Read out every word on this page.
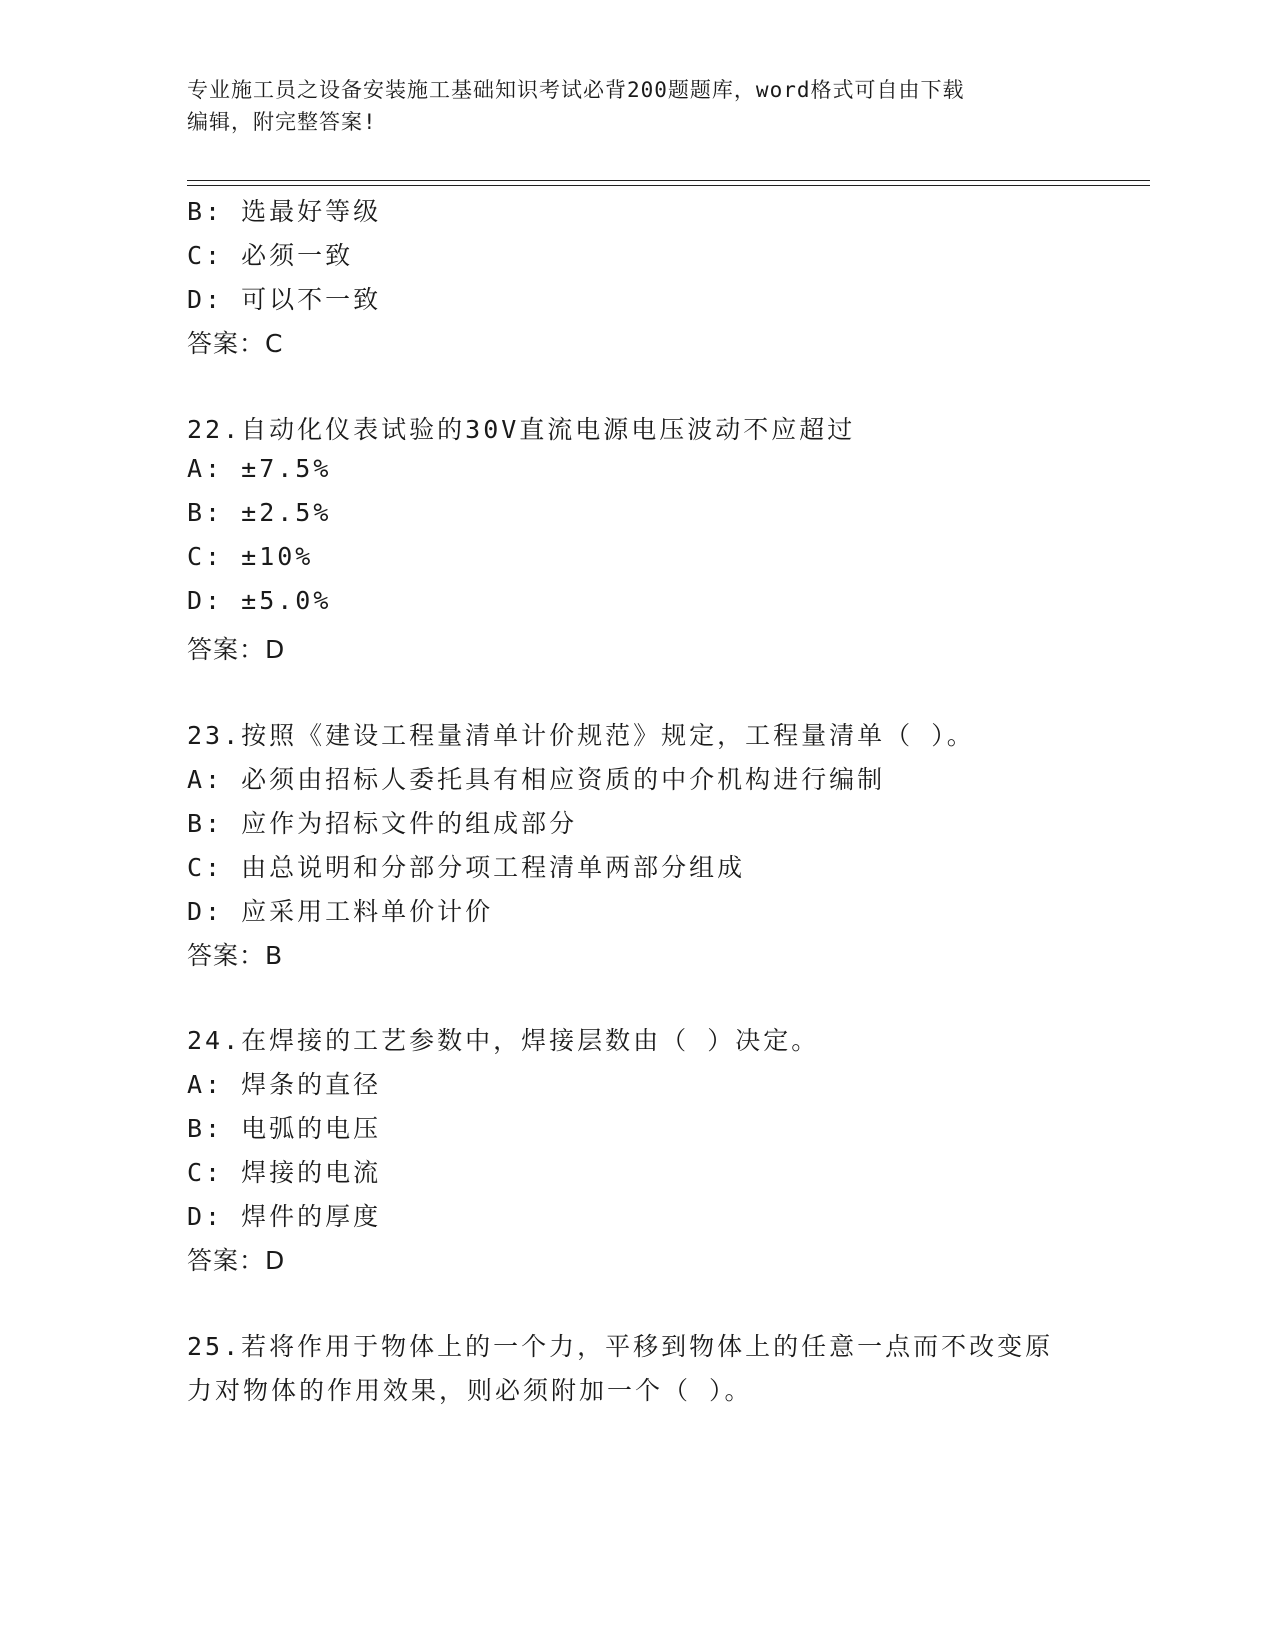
专业施工员之设备安装施工基础知识考试必背200题题库，word格式可自由下载
编辑，附完整答案!
B: 选最好等级
C: 必须一致
D: 可以不一致
答案：C
22.自动化仪表试验的30V直流电源电压波动不应超过
A: ±7.5%
B: ±2.5%
C: ±10%
D: ±5.0%
答案：D
23.按照《建设工程量清单计价规范》规定，工程量清单（ ）。
A: 必须由招标人委托具有相应资质的中介机构进行编制
B: 应作为招标文件的组成部分
C: 由总说明和分部分项工程清单两部分组成
D: 应采用工料单价计价
答案：B
24.在焊接的工艺参数中，焊接层数由（ ）决定。
A: 焊条的直径
B: 电弧的电压
C: 焊接的电流
D: 焊件的厚度
答案：D
25.若将作用于物体上的一个力，平移到物体上的任意一点而不改变原
力对物体的作用效果，则必须附加一个（ ）。
